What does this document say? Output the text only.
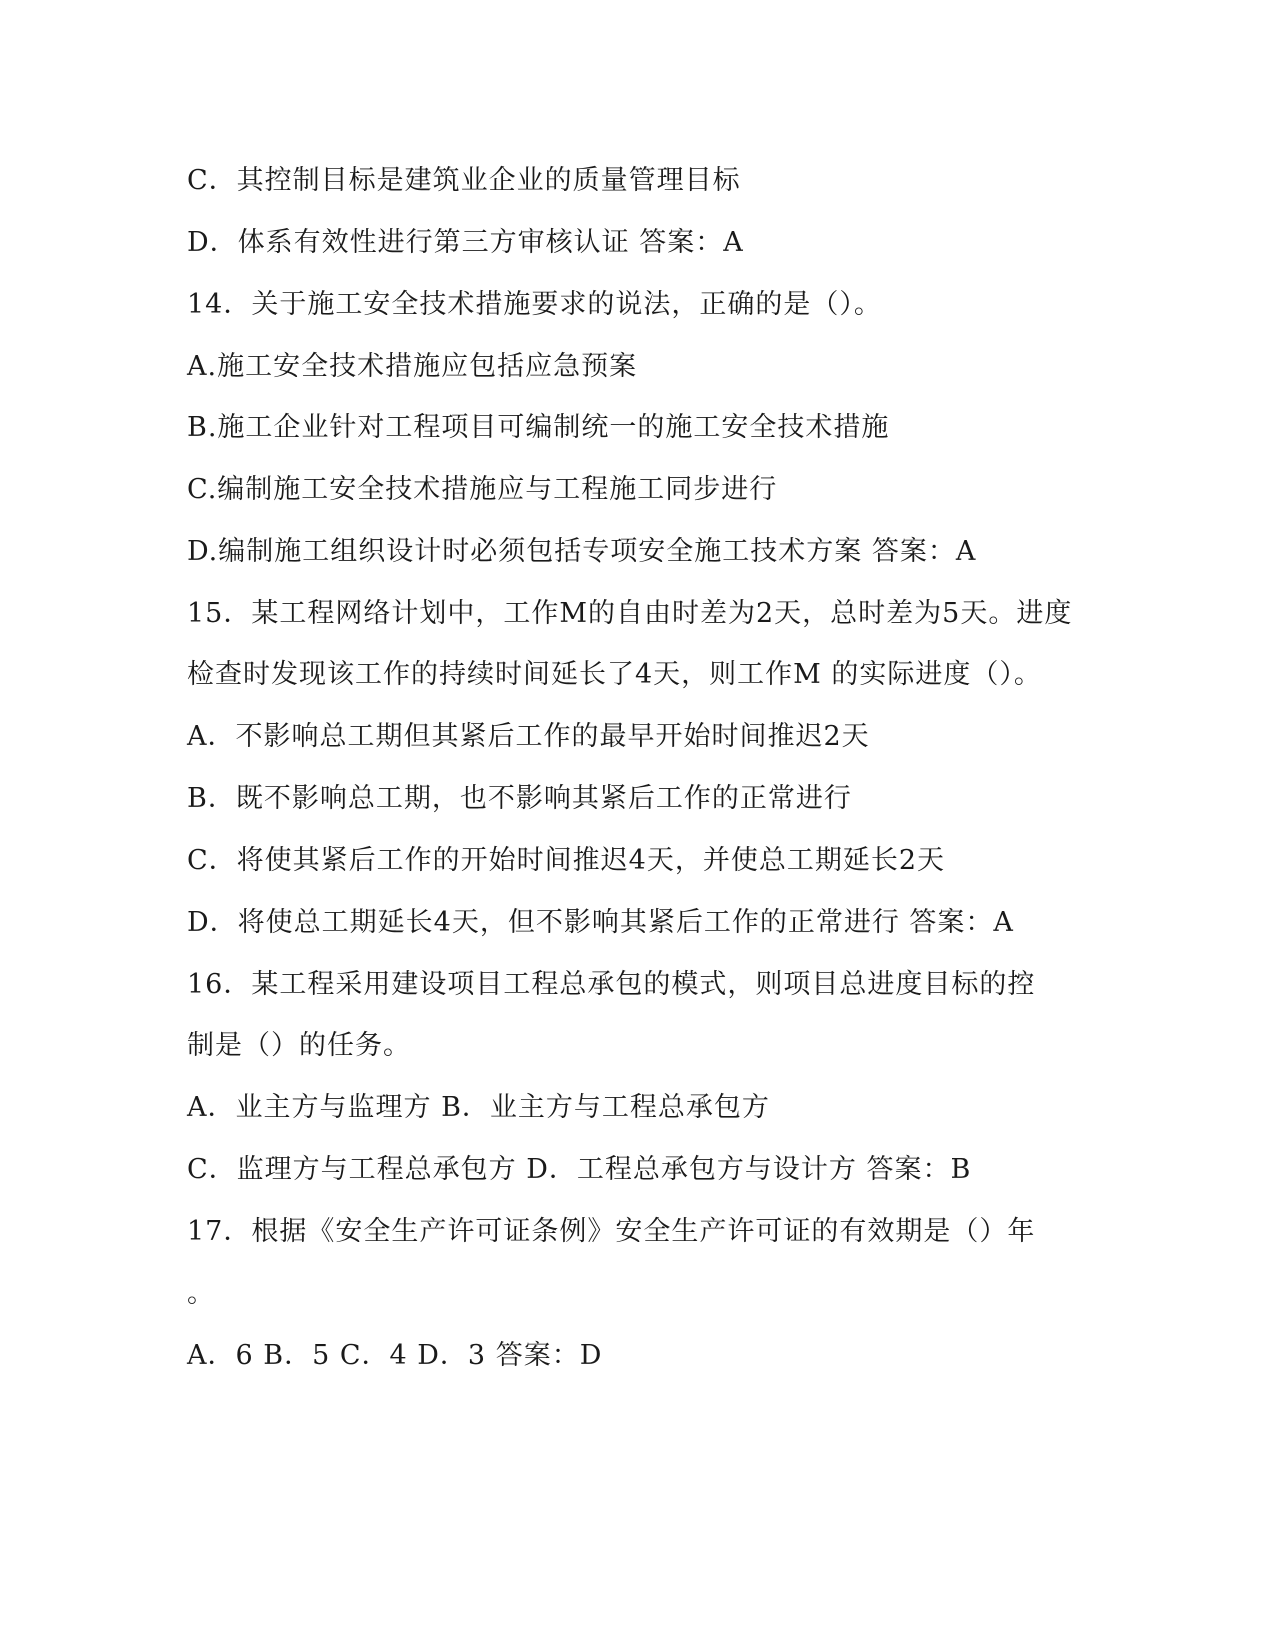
C．其控制目标是建筑业企业的质量管理目标
D．体系有效性进行第三方审核认证 答案：A
14．关于施工安全技术措施要求的说法，正确的是（）。
A.施工安全技术措施应包括应急预案
B.施工企业针对工程项目可编制统一的施工安全技术措施
C.编制施工安全技术措施应与工程施工同步进行
D.编制施工组织设计时必须包括专项安全施工技术方案 答案：A
15．某工程网络计划中，工作M的自由时差为2天，总时差为5天。进度
检查时发现该工作的持续时间延长了4天，则工作M 的实际进度（）。
A．不影响总工期但其紧后工作的最早开始时间推迟2天
B．既不影响总工期，也不影响其紧后工作的正常进行
C．将使其紧后工作的开始时间推迟4天，并使总工期延长2天
D．将使总工期延长4天，但不影响其紧后工作的正常进行 答案：A
16．某工程采用建设项目工程总承包的模式，则项目总进度目标的控
制是（）的任务。
A．业主方与监理方 B．业主方与工程总承包方
C．监理方与工程总承包方 D．工程总承包方与设计方 答案：B
17．根据《安全生产许可证条例》安全生产许可证的有效期是（）年
。
A．6 B．5 C．4 D．3 答案：D
